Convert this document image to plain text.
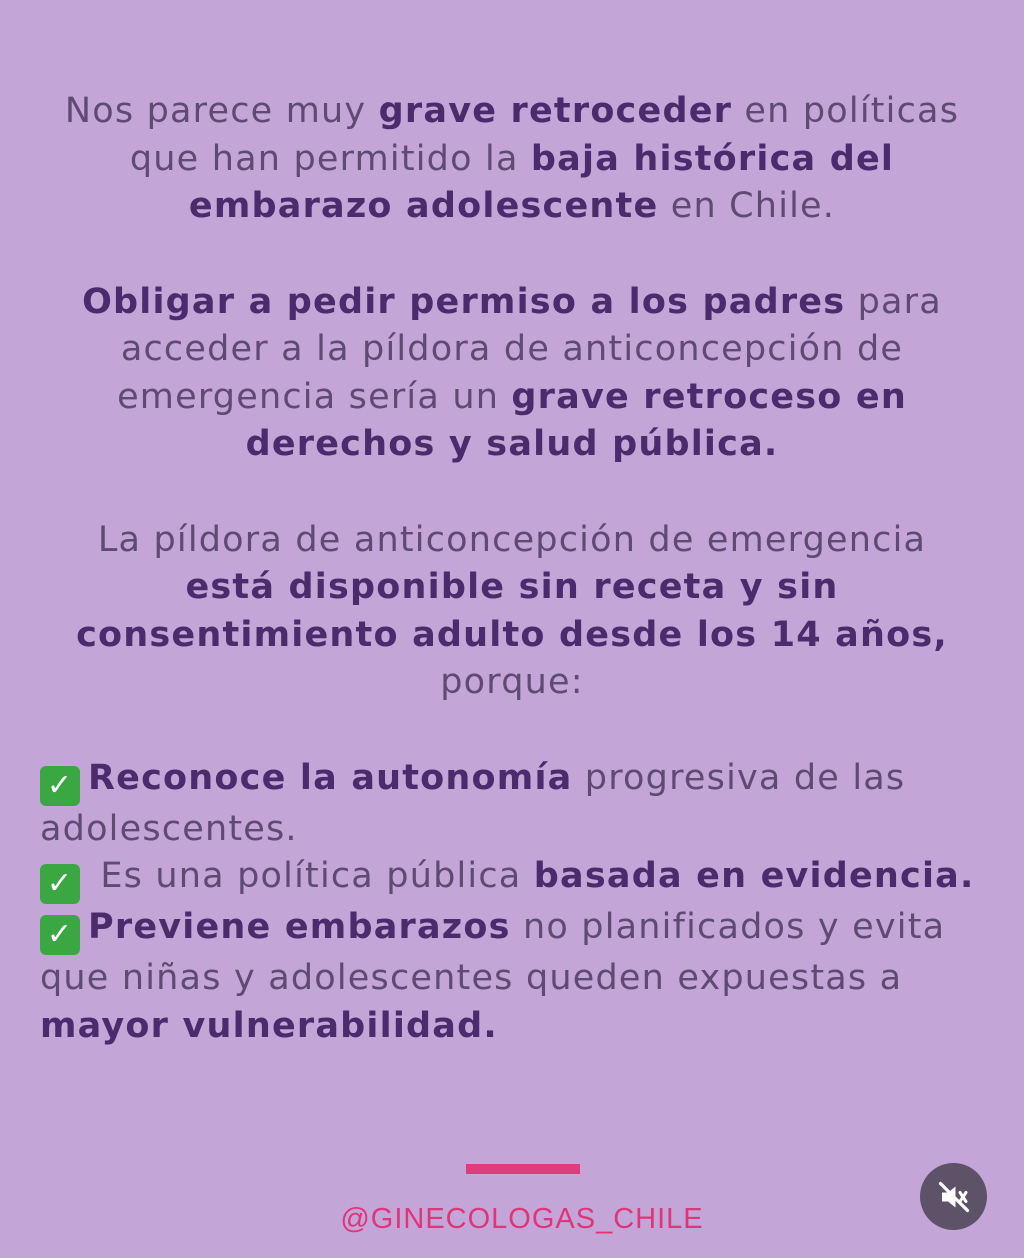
Nos parece muy grave retroceder en políticas que han permitido la baja histórica del embarazo adolescente en Chile.

Obligar a pedir permiso a los padres para acceder a la píldora de anticoncepción de emergencia sería un grave retroceso en derechos y salud pública.

La píldora de anticoncepción de emergencia
está disponible sin receta y sin consentimiento adulto desde los 14 años,
porque:

✓ Reconoce la autonomía progresiva de las adolescentes.
✓ Es una política pública basada en evidencia.
✓ Previene embarazos no planificados y evita que niñas y adolescentes queden expuestas a mayor vulnerabilidad.
@GINECOLOGAS_CHILE
